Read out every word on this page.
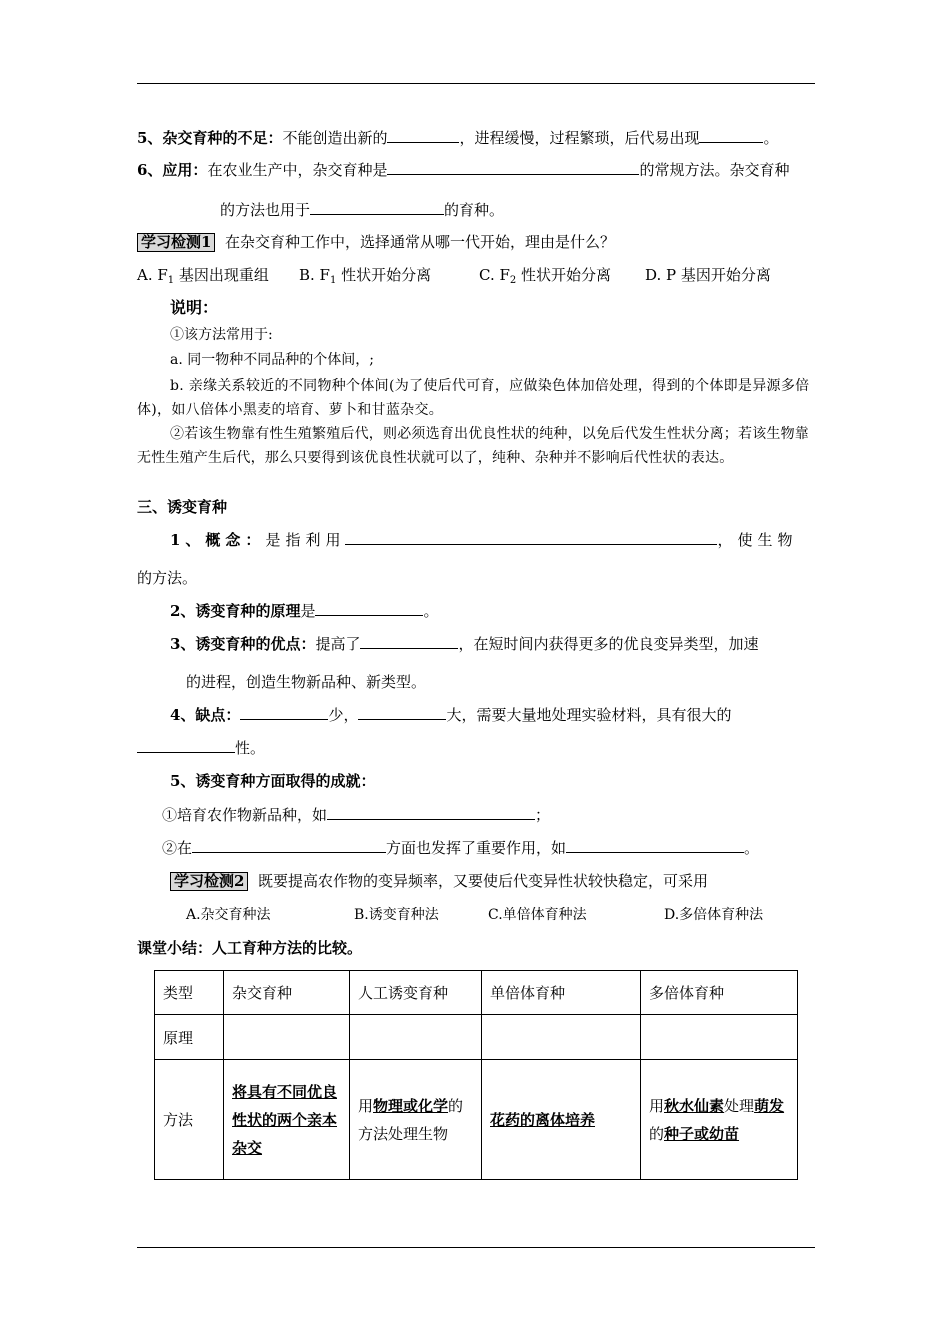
5、杂交育种的不足：不能创造出新的	，进程缓慢，过程繁琐，后代易出现	。
6、应用：在农业生产中，杂交育种是	的常规方法。杂交育种
的方法也用于	的育种。
学习检测1 在杂交育种工作中，选择通常从哪一代开始，理由是什么？
A. $F_1$ 基因出现重组 B. $F_1$ 性状开始分离	C. $F_2$ 性状开始分离 D. P 基因开始分离
说明：
①该方法常用于:
a. 同一物种不同品种的个体间，;
b. 亲缘关系较近的不同物种个体间(为了使后代可育，应做染色体加倍处理，得到的个体即是异源多倍体)，如八倍体小黑麦的培育、萝卜和甘蓝杂交。
②若该生物靠有性生殖繁殖后代，则必须选育出优良性状的纯种，以免后代发生性状分离；若该生物靠无性生殖产生后代，那么只要得到该优良性状就可以了，纯种、杂种并不影响后代性状的表达。
三、诱变育种
1、概念：是指利用	，使生物
的方法。
2、诱变育种的原理是	。
3、诱变育种的优点：提高了	，在短时间内获得更多的优良变异类型，加速
的进程，创造生物新品种、新类型。
4、缺点：	少，	大，需要大量地处理实验材料，具有很大的
性。
5、诱变育种方面取得的成就：
①培育农作物新品种，如	；
②在	方面也发挥了重要作用，如	。
学习检测2 既要提高农作物的变异频率，又要使后代变异性状较快稳定，可采用
A.杂交育种法	B.诱变育种法	C.单倍体育种法	D.多倍体育种法
课堂小结：人工育种方法的比较。
类型	杂交育种	人工诱变育种	单倍体育种	多倍体育种
原理				
方法	将具有不同优良性状的两个亲本杂交	用物理或化学的方法处理生物	花药的离体培养	用秋水仙素处理萌发的种子或幼苗
